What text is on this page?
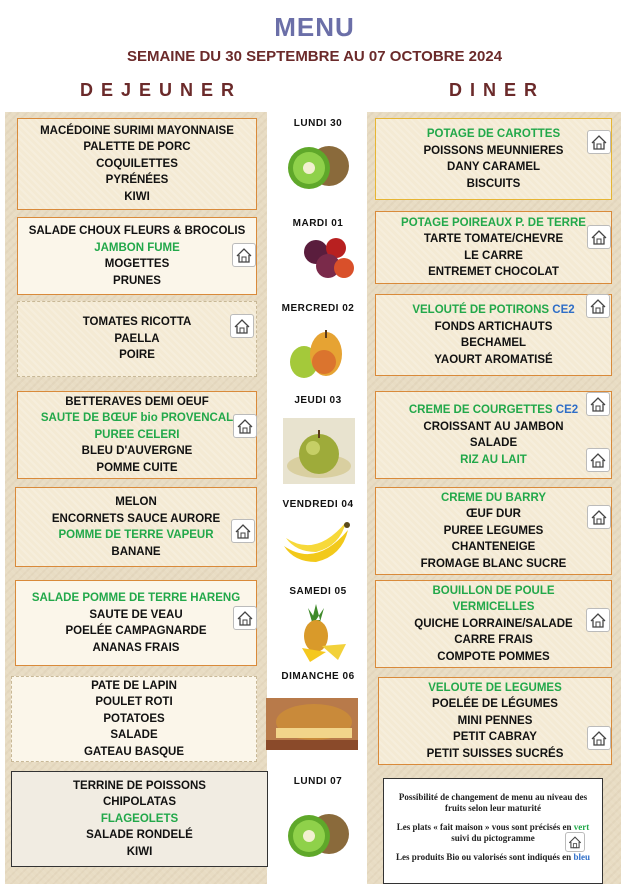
MENU
SEMAINE DU 30 SEPTEMBRE AU 07 OCTOBRE 2024
DEJEUNER	DINER
MACÉDOINE SURIMI MAYONNAISE
PALETTE DE PORC
COQUILETTES
PYRÉNÉES
KIWI
SALADE CHOUX FLEURS & BROCOLIS
JAMBON FUME
MOGETTES
PRUNES
TOMATES RICOTTA
PAELLA
POIRE
BETTERAVES DEMI OEUF
SAUTE DE BŒUF bio PROVENCAL
PUREE CELERI
BLEU D'AUVERGNE
POMME CUITE
MELON
ENCORNETS SAUCE AURORE
POMME DE TERRE VAPEUR
BANANE
SALADE POMME DE TERRE HARENG
SAUTE DE VEAU
POELÉE CAMPAGNARDE
ANANAS FRAIS
PATE DE LAPIN
POULET ROTI
POTATOES
SALADE
GATEAU BASQUE
TERRINE DE POISSONS
CHIPOLATAS
FLAGEOLETS
SALADE RONDELÉ
KIWI
LUNDI 30
MARDI 01
MERCREDI 02
JEUDI 03
VENDREDI 04
SAMEDI 05
DIMANCHE 06
LUNDI 07
POTAGE DE CAROTTES
POISSONS MEUNNIERES
DANY CARAMEL
BISCUITS
POTAGE POIREAUX P. DE TERRE
TARTE TOMATE/CHEVRE
LE CARRE
ENTREMET CHOCOLAT
VELOUTÉ DE POTIRONS CE2
FONDS ARTICHAUTS
BECHAMEL
YAOURT AROMATISÉ
CREME DE COURGETTES CE2
CROISSANT AU JAMBON
SALADE
RIZ AU LAIT
CREME DU BARRY
ŒUF DUR
PUREE LEGUMES
CHANTENEIGE
FROMAGE BLANC SUCRE
BOUILLON DE POULE
VERMICELLES
QUICHE LORRAINE/SALADE
CARRE FRAIS
COMPOTE POMMES
VELOUTE DE LEGUMES
POELÉE DE LÉGUMES
MINI PENNES
PETIT CABRAY
PETIT SUISSES SUCRÉS

Possibilité de changement de menu au niveau des fruits selon leur maturité

Les plats « fait maison » vous sont précisés en vert suivi du pictogramme

Les produits Bio ou valorisés sont indiqués en bleu
